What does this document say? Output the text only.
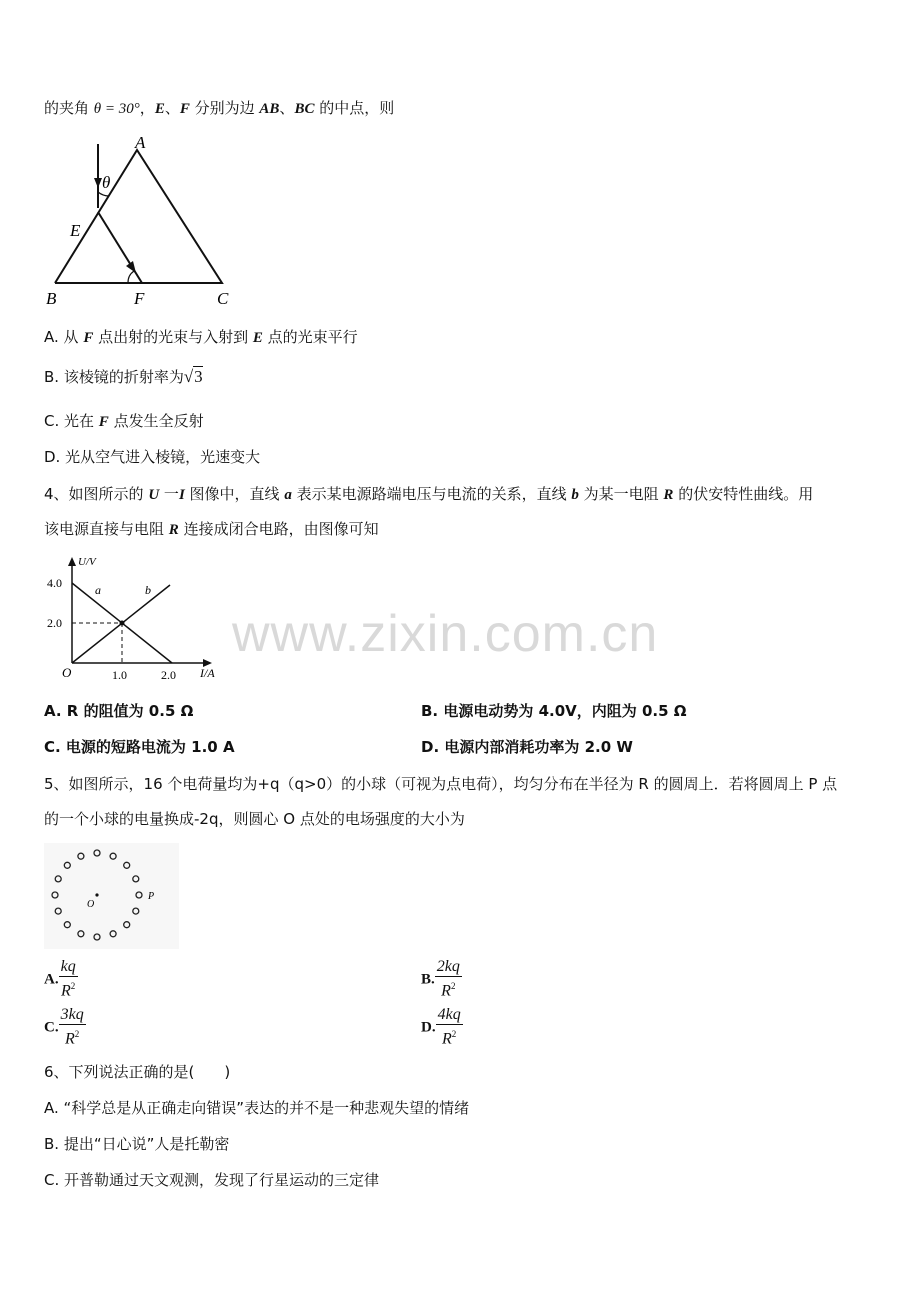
www.zixin.com.cn
的夹角 θ = 30°，E、F 分别为边 AB、BC 的中点，则
A
θ
E
B	F	C
A. 从 F 点出射的光束与入射到 E 点的光束平行
B. 该棱镜的折射率为√3
C. 光在 F 点发生全反射
D. 光从空气进入棱镜，光速变大
4、如图所示的 U 一I 图像中，直线 a 表示某电源路端电压与电流的关系，直线 b 为某一电阻 R 的伏安特性曲线。用
该电源直接与电阻 R 连接成闭合电路，由图像可知
U/V
I/A
4.0
2.0
1.0	2.0
O
a	b
A. R 的阻值为 0.5 Ω	B. 电源电动势为 4.0V，内阻为 0.5 Ω
C. 电源的短路电流为 1.0 A	D. 电源内部消耗功率为 2.0 W
5、如图所示，16 个电荷量均为+q（q>0）的小球（可视为点电荷），均匀分布在半径为 R 的圆周上．若将圆周上 P 点
的一个小球的电量换成-2q，则圆心 O 点处的电场强度的大小为
O
P
A. $\frac{kq}{R^2}$	B. $\frac{2kq}{R^2}$
C. $\frac{3kq}{R^2}$	D. $\frac{4kq}{R^2}$
6、下列说法正确的是(　　)
A. “科学总是从正确走向错误”表达的并不是一种悲观失望的情绪
B. 提出“日心说”人是托勒密
C. 开普勒通过天文观测，发现了行星运动的三定律
